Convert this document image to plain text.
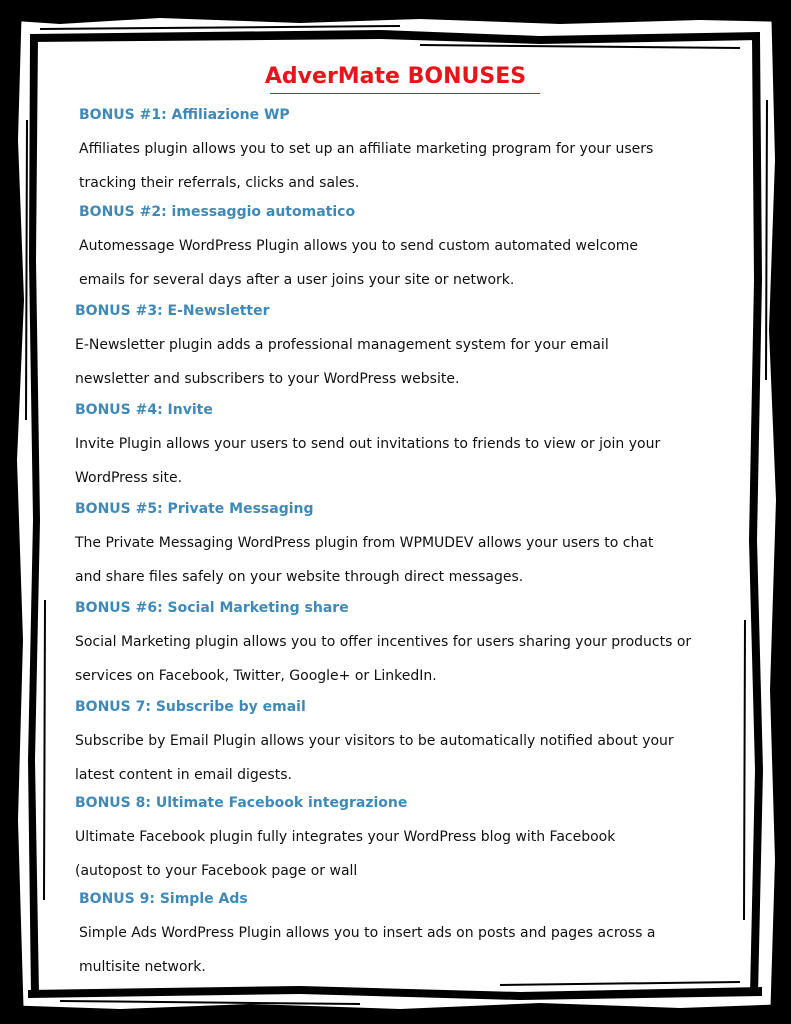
AdverMate BONUSES
BONUS #1: Affiliazione WP
Affiliates plugin allows you to set up an affiliate marketing program for your users
tracking their referrals, clicks and sales.
BONUS #2: imessaggio automatico
Automessage WordPress Plugin allows you to send custom automated welcome
emails for several days after a user joins your site or network.
BONUS #3: E-Newsletter
E-Newsletter plugin adds a professional management system for your email
newsletter and subscribers to your WordPress website.
BONUS #4: Invite
Invite Plugin allows your users to send out invitations to friends to view or join your
WordPress site.
BONUS #5: Private Messaging
The Private Messaging WordPress plugin from WPMUDEV allows your users to chat
and share files safely on your website through direct messages.
BONUS #6: Social Marketing share
Social Marketing plugin allows you to offer incentives for users sharing your products or
services on Facebook, Twitter, Google+ or LinkedIn.
BONUS 7: Subscribe by email
Subscribe by Email Plugin allows your visitors to be automatically notified about your
latest content in email digests.
BONUS 8: Ultimate Facebook integrazione
Ultimate Facebook plugin fully integrates your WordPress blog with Facebook
(autopost to your Facebook page or wall
BONUS 9: Simple Ads
Simple Ads WordPress Plugin allows you to insert ads on posts and pages across a
multisite network.
